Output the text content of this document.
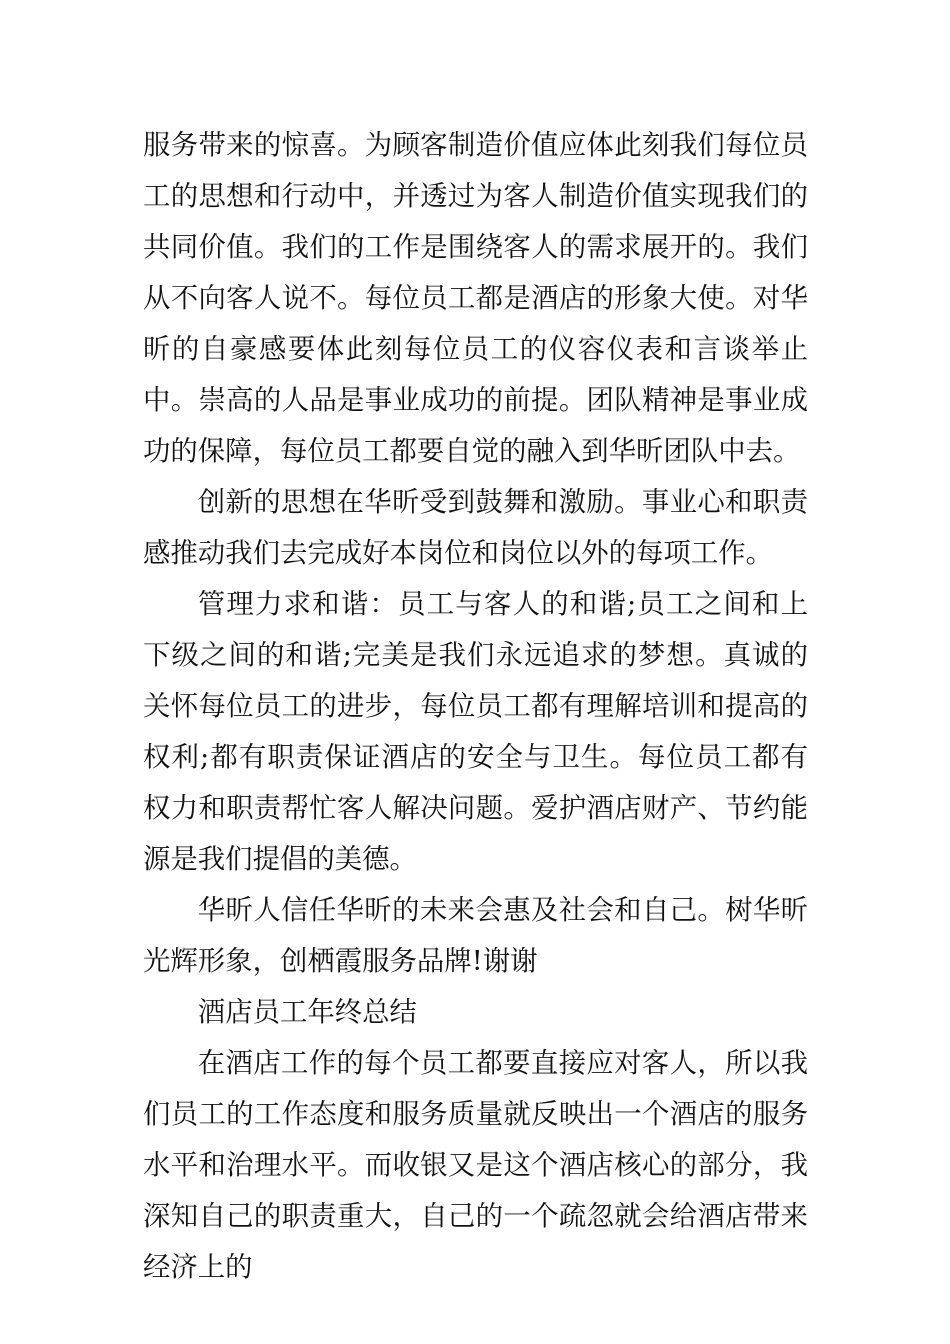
服务带来的惊喜。为顾客制造价值应体此刻我们每位员工的思想和行动中，并透过为客人制造价值实现我们的共同价值。我们的工作是围绕客人的需求展开的。我们从不向客人说不。每位员工都是酒店的形象大使。对华昕的自豪感要体此刻每位员工的仪容仪表和言谈举止中。崇高的人品是事业成功的前提。团队精神是事业成功的保障，每位员工都要自觉的融入到华昕团队中去。

创新的思想在华昕受到鼓舞和激励。事业心和职责感推动我们去完成好本岗位和岗位以外的每项工作。

管理力求和谐：员工与客人的和谐;员工之间和上下级之间的和谐;完美是我们永远追求的梦想。真诚的关怀每位员工的进步，每位员工都有理解培训和提高的权利;都有职责保证酒店的安全与卫生。每位员工都有权力和职责帮忙客人解决问题。爱护酒店财产、节约能源是我们提倡的美德。

华昕人信任华昕的未来会惠及社会和自己。树华昕光辉形象，创栖霞服务品牌!谢谢

酒店员工年终总结

在酒店工作的每个员工都要直接应对客人，所以我们员工的工作态度和服务质量就反映出一个酒店的服务水平和治理水平。而收银又是这个酒店核心的部分，我深知自己的职责重大，自己的一个疏忽就会给酒店带来经济上的
